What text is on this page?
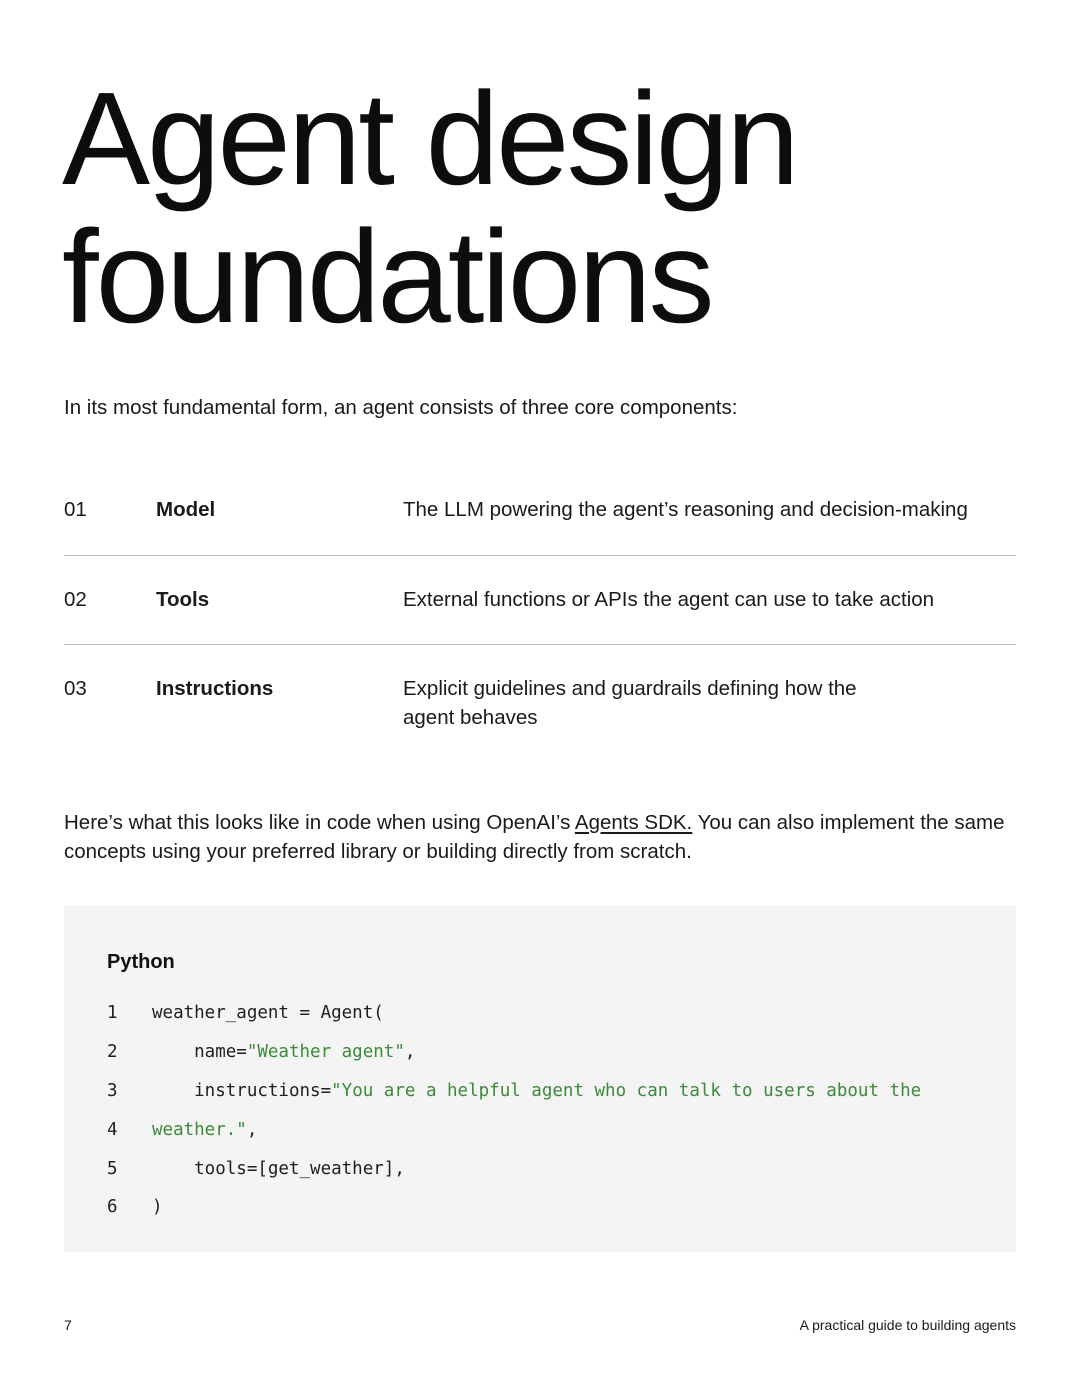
Agent design
foundations

In its most fundamental form, an agent consists of three core components:

01	Model	The LLM powering the agent’s reasoning and decision-making
02	Tools	External functions or APIs the agent can use to take action
03	Instructions	Explicit guidelines and guardrails defining how the agent behaves

Here’s what this looks like in code when using OpenAI’s Agents SDK. You can also implement the same concepts using your preferred library or building directly from scratch.

Python
1	weather_agent = Agent(
2	name="Weather agent",
3	instructions="You are a helpful agent who can talk to users about the
4	weather.",
5	tools=[get_weather],
6	)
7	A practical guide to building agents
